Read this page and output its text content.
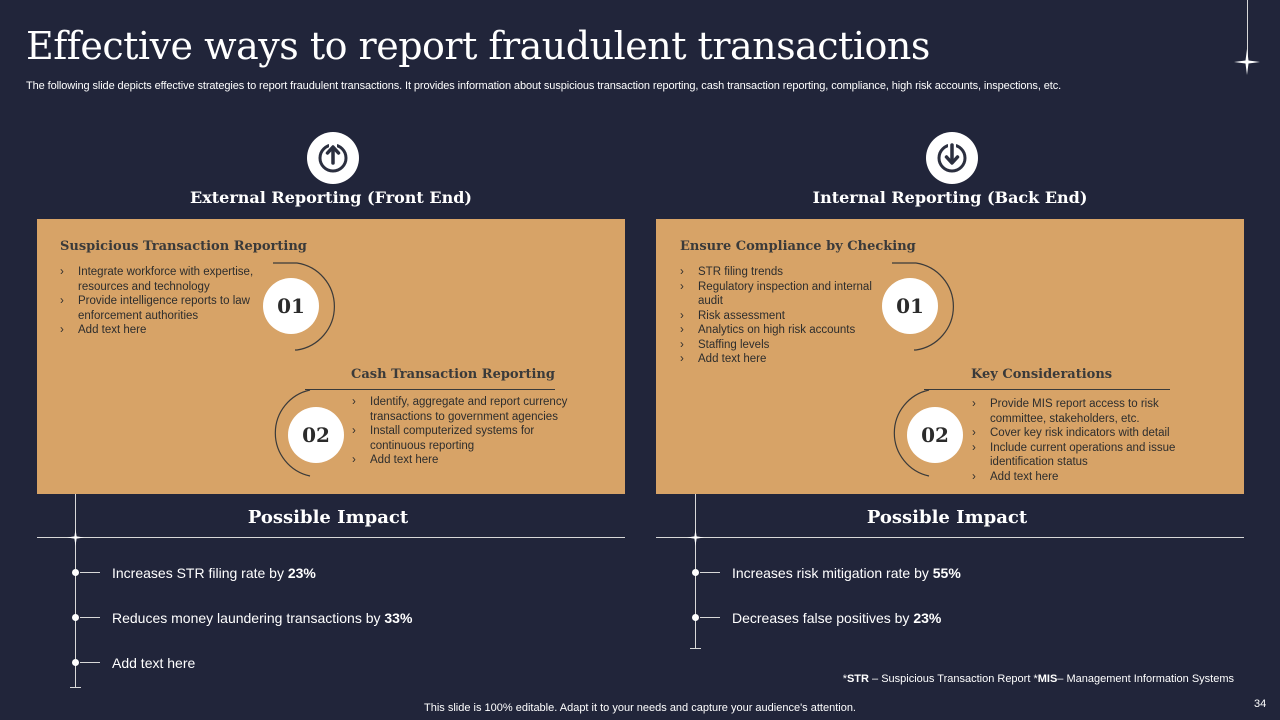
Effective ways to report fraudulent transactions

The following slide depicts effective strategies to report fraudulent transactions. It provides information about suspicious transaction reporting, cash transaction reporting, compliance, high risk accounts, inspections, etc.

External Reporting (Front End)
Suspicious Transaction Reporting
› Integrate workforce with expertise, resources and technology
› Provide intelligence reports to law enforcement authorities
› Add text here
01
Cash Transaction Reporting
02
› Identify, aggregate and report currency transactions to government agencies
› Install computerized systems for continuous reporting
› Add text here
Internal Reporting (Back End)
Ensure Compliance by Checking
› STR filing trends
› Regulatory inspection and internal audit
› Risk assessment
› Analytics on high risk accounts
› Staffing levels
› Add text here
01
Key Considerations
02
› Provide MIS report access to risk committee, stakeholders, etc.
› Cover key risk indicators with detail
› Include current operations and issue identification status
› Add text here
Possible Impact
Increases STR filing rate by 23%
Reduces money laundering transactions by 33%
Add text here
Possible Impact
Increases risk mitigation rate by 55%
Decreases false positives by 23%
*STR – Suspicious Transaction Report *MIS– Management Information Systems
This slide is 100% editable. Adapt it to your needs and capture your audience's attention.	34
